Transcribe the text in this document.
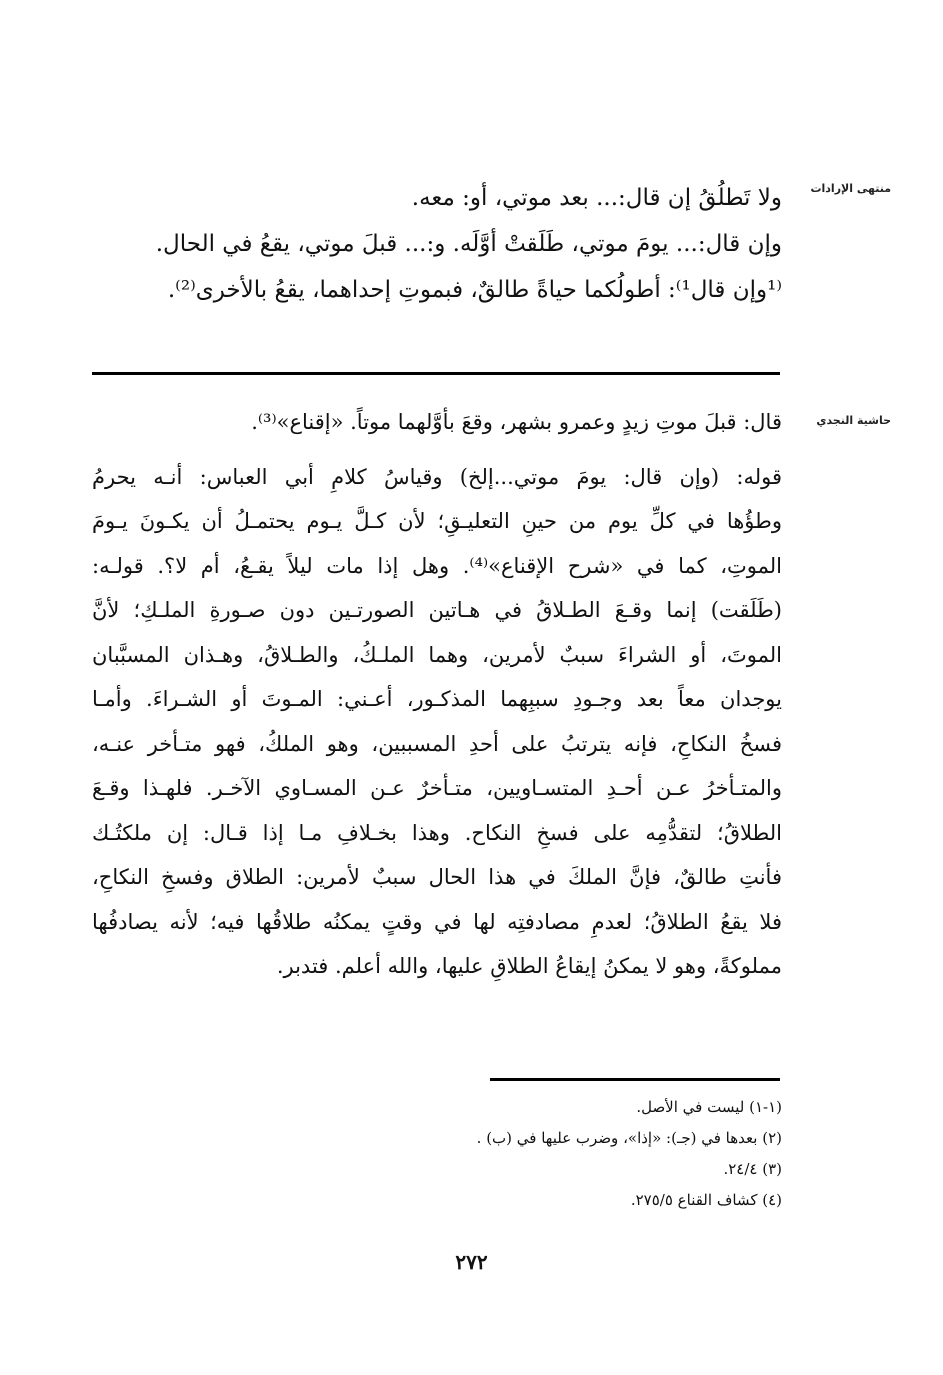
منتهى الإرادات
ولا تَطلُقُ إن قال:... بعد موتي، أو: معه.
وإن قال:... يومَ موتي، طَلَقتْ أوَّلَه. و:... قبلَ موتي، يقعُ في الحال.
⁽¹وإن قال¹⁾: أطولُكما حياةً طالقٌ، فبموتِ إحداهما، يقعُ بالأخرى⁽²⁾.
حاشية النجدي
قال: قبلَ موتِ زيدٍ وعمرو بشهر، وقعَ بأوَّلهما موتاً. «إقناع»⁽³⁾.
قوله: (وإن قال: يومَ موتي...إلخ) وقياسُ كلامِ أبي العباس: أنـه يحرمُ
وطؤُها في كلِّ يوم من حينِ التعليـقِ؛ لأن كـلَّ يـوم يحتمـلُ أن يكـونَ يـومَ
الموتِ، كما في «شرح الإقناع»⁽⁴⁾. وهل إذا مات ليلاً يقـعُ، أم لا؟. قولـه:
(طَلَقت) إنما وقـعَ الطـلاقُ في هـاتين الصورتـين دون صـورةِ الملـكِ؛ لأنَّ
الموتَ، أو الشراءَ سببٌ لأمرين، وهما الملـكُ، والطـلاقُ، وهـذان المسبَّبان
يوجدان معاً بعد وجـودِ سببِهما المذكـور، أعـني: المـوتَ أو الشـراءَ. وأمـا
فسخُ النكاحِ، فإنه يترتبُ على أحدِ المسببين، وهو الملكُ، فهو متـأخر عنـه،
والمتـأخرُ عـن أحـدِ المتسـاويين، متـأخرٌ عـن المسـاوي الآخـر. فلهـذا وقـعَ
الطلاقُ؛ لتقدُّمِه على فسخِ النكاح. وهذا بخـلافِ مـا إذا قـال: إن ملكتُـك
فأنتِ طالقٌ، فإنَّ الملكَ في هذا الحال سببٌ لأمرين: الطلاق وفسخِ النكاحِ،
فلا يقعُ الطلاقُ؛ لعدمِ مصادفتِه لها في وقتٍ يمكنُه طلاقُها فيه؛ لأنه يصادفُها
مملوكةً، وهو لا يمكنُ إيقاعُ الطلاقِ عليها، والله أعلم. فتدبر.
(١-١) ليست في الأصل.
(٢) بعدها في (جـ): «إذا»، وضرب عليها في (ب) .
(٣) ٢٤/٤.
(٤) كشاف القناع ٢٧٥/٥.
٢٧٢
